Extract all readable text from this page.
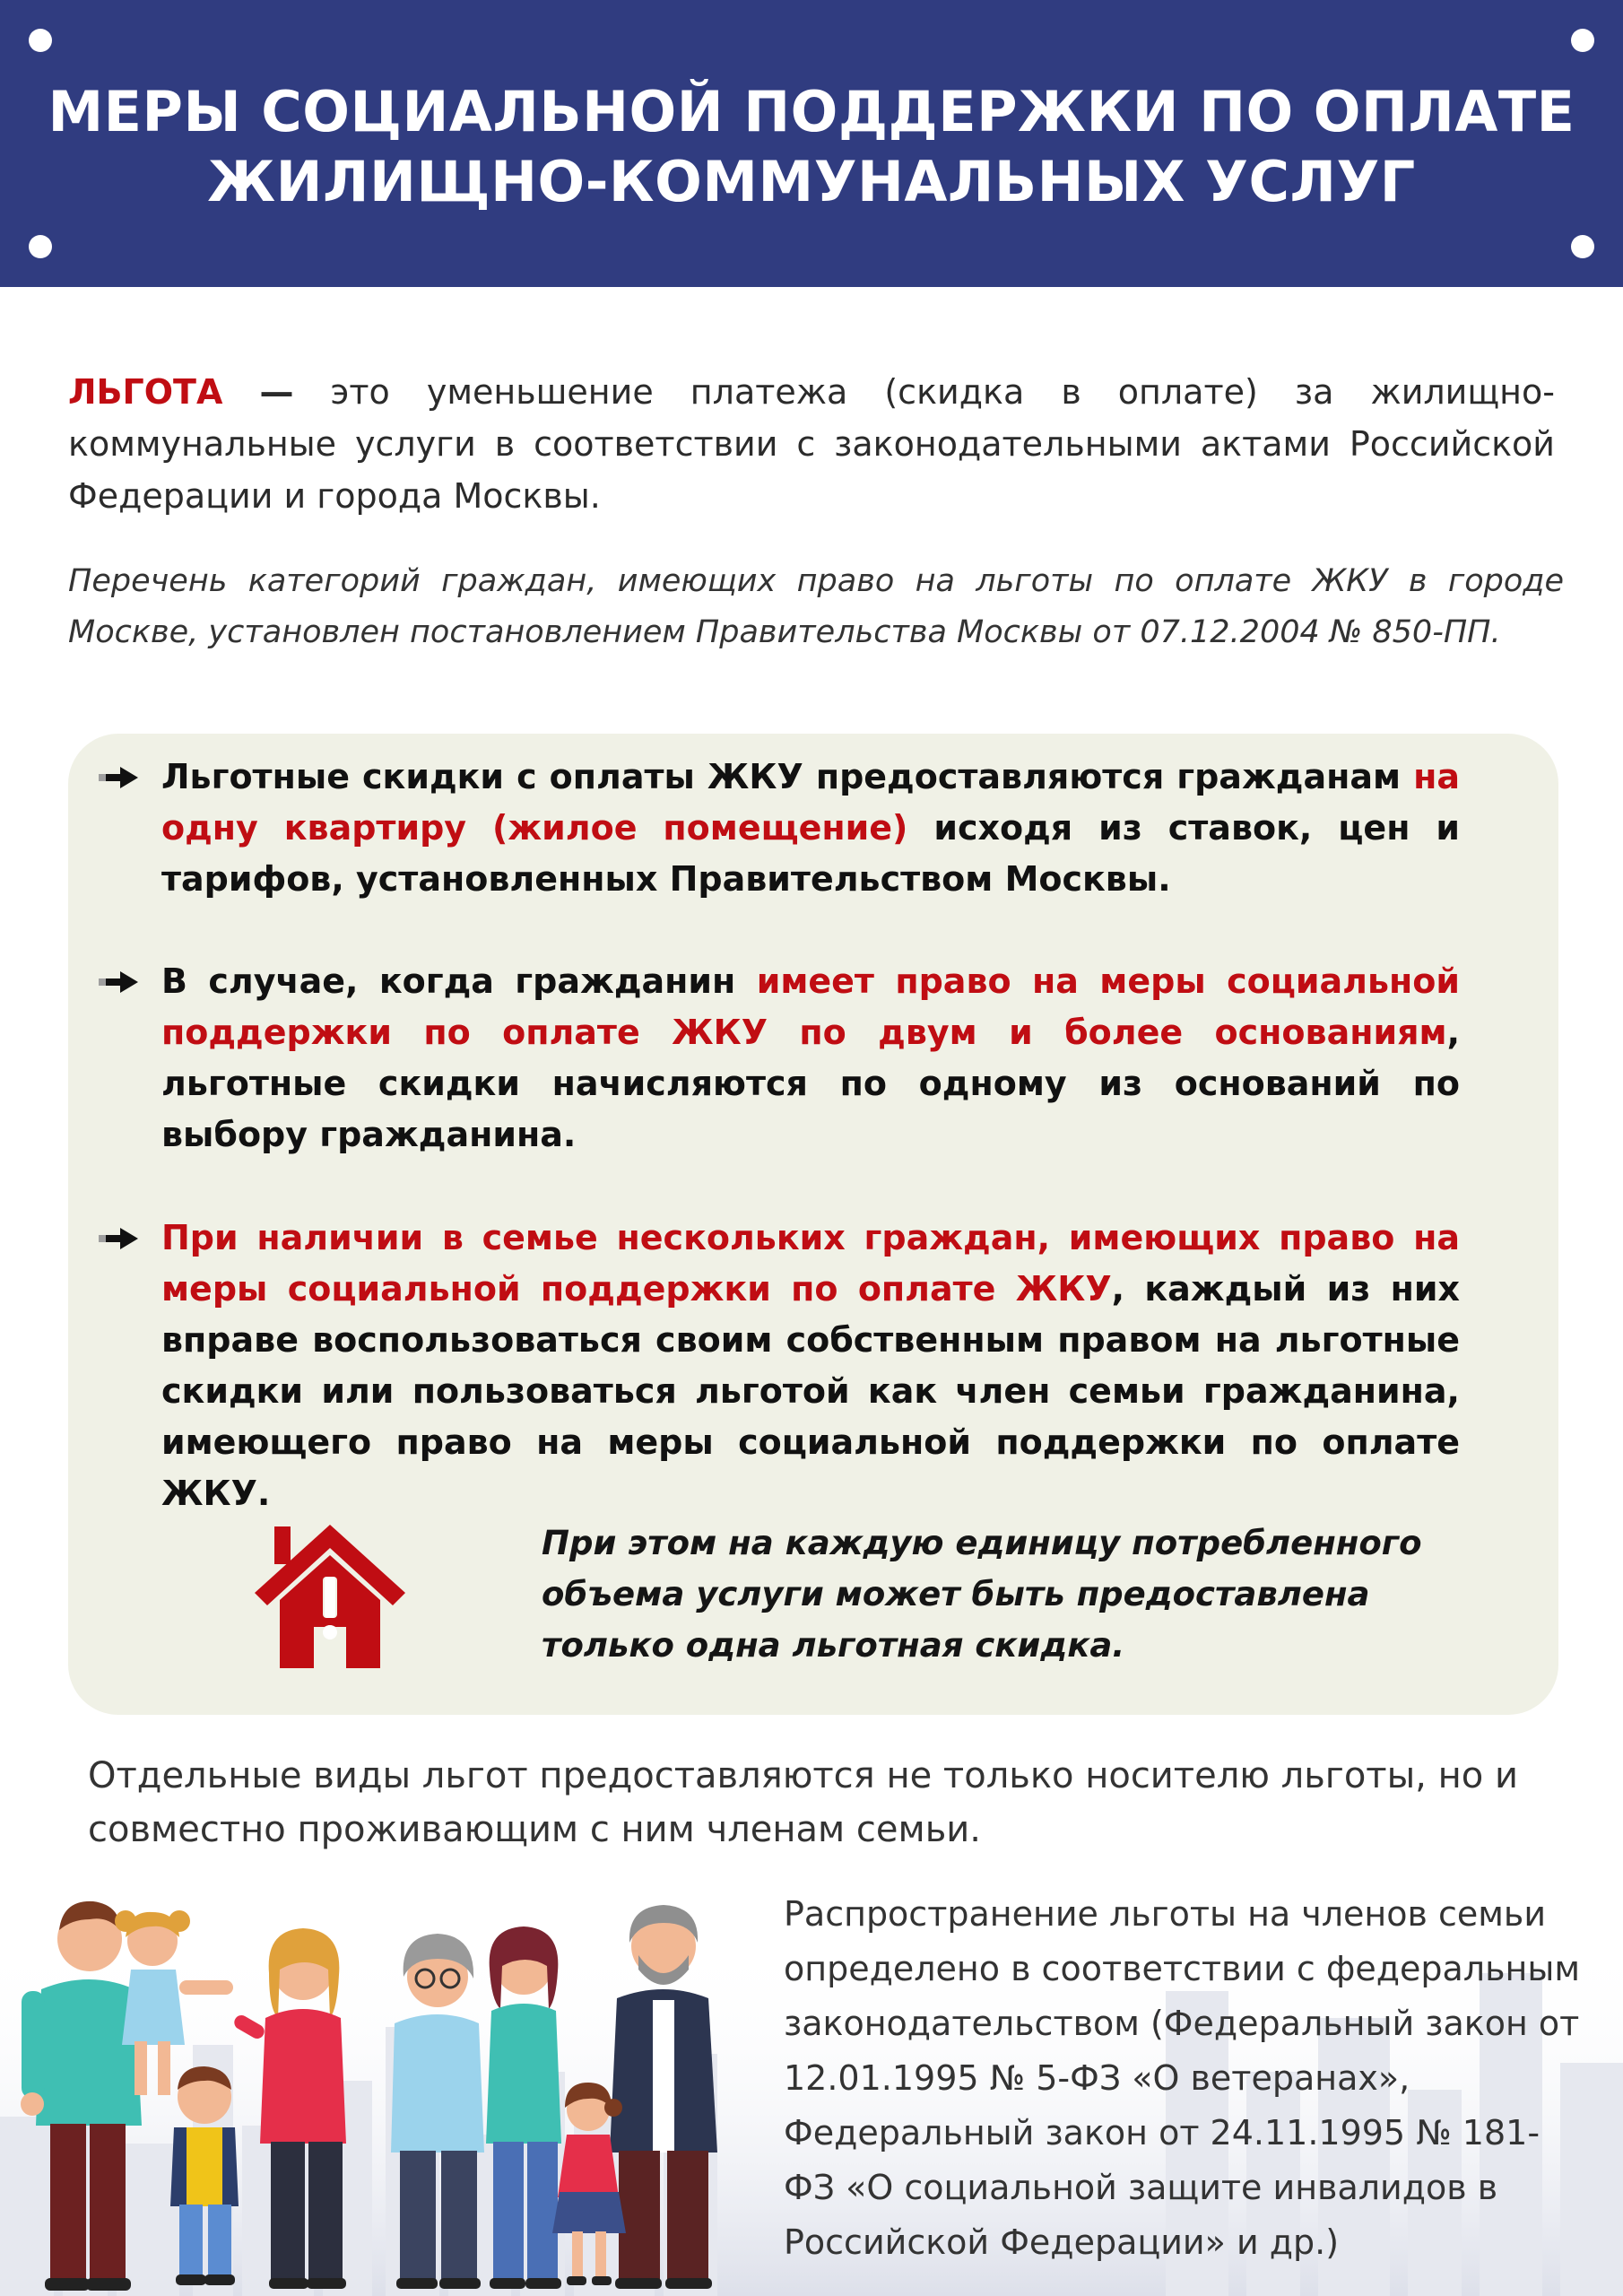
МЕРЫ СОЦИАЛЬНОЙ ПОДДЕРЖКИ ПО ОПЛАТЕ
ЖИЛИЩНО-КОММУНАЛЬНЫХ УСЛУГ

ЛЬГОТА — это уменьшение платежа (скидка в оплате) за жилищно-коммунальные услуги в соответствии с законодательными актами Российской Федерации и города Москвы.

Перечень категорий граждан, имеющих право на льготы по оплате ЖКУ в городе Москве, установлен постановлением Правительства Москвы от 07.12.2004 № 850-ПП.

Льготные скидки с оплаты ЖКУ предоставляются гражданам на одну квартиру (жилое помещение) исходя из ставок, цен и тарифов, установленных Правительством Москвы.

В случае, когда гражданин имеет право на меры социальной поддержки по оплате ЖКУ по двум и более основаниям, льготные скидки начисляются по одному из оснований по выбору гражданина.

При наличии в семье нескольких граждан, имеющих право на меры социальной поддержки по оплате ЖКУ, каждый из них вправе воспользоваться своим собственным правом на льготные скидки или пользоваться льготой как член семьи гражданина, имеющего право на меры социальной поддержки по оплате ЖКУ.

При этом на каждую единицу потребленного объема услуги может быть предоставлена только одна льготная скидка.

Отдельные виды льгот предоставляются не только носителю льготы, но и совместно проживающим с ним членам семьи.

Распространение льготы на членов семьи определено в соответствии с федеральным законодательством (Федеральный закон от 12.01.1995 № 5-ФЗ «О ветеранах», Федеральный закон от 24.11.1995 № 181-ФЗ «О социальной защите инвалидов в Российской Федерации» и др.)
